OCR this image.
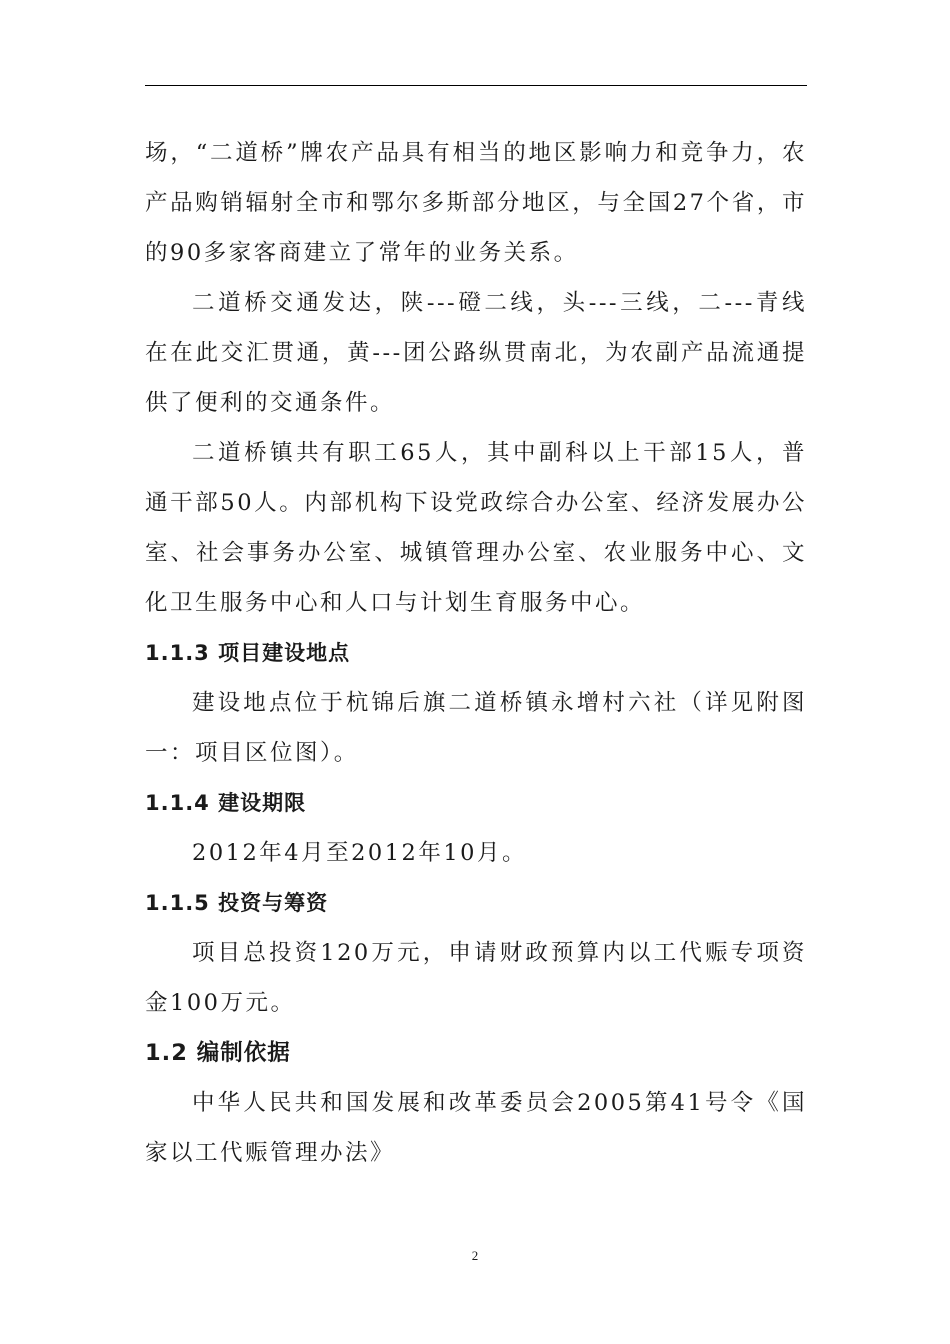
场，“二道桥”牌农产品具有相当的地区影响力和竞争力，农产品购销辐射全市和鄂尔多斯部分地区，与全国27个省，市的90多家客商建立了常年的业务关系。

二道桥交通发达，陕---磴二线，头---三线，二---青线在在此交汇贯通，黄---团公路纵贯南北，为农副产品流通提供了便利的交通条件。

二道桥镇共有职工65人，其中副科以上干部15人，普通干部50人。内部机构下设党政综合办公室、经济发展办公室、社会事务办公室、城镇管理办公室、农业服务中心、文化卫生服务中心和人口与计划生育服务中心。

1.1.3 项目建设地点

建设地点位于杭锦后旗二道桥镇永增村六社（详见附图一：项目区位图）。

1.1.4 建设期限

2012年4月至2012年10月。

1.1.5 投资与筹资

项目总投资120万元，申请财政预算内以工代赈专项资金100万元。

1.2 编制依据

中华人民共和国发展和改革委员会2005第41号令《国家以工代赈管理办法》

2
